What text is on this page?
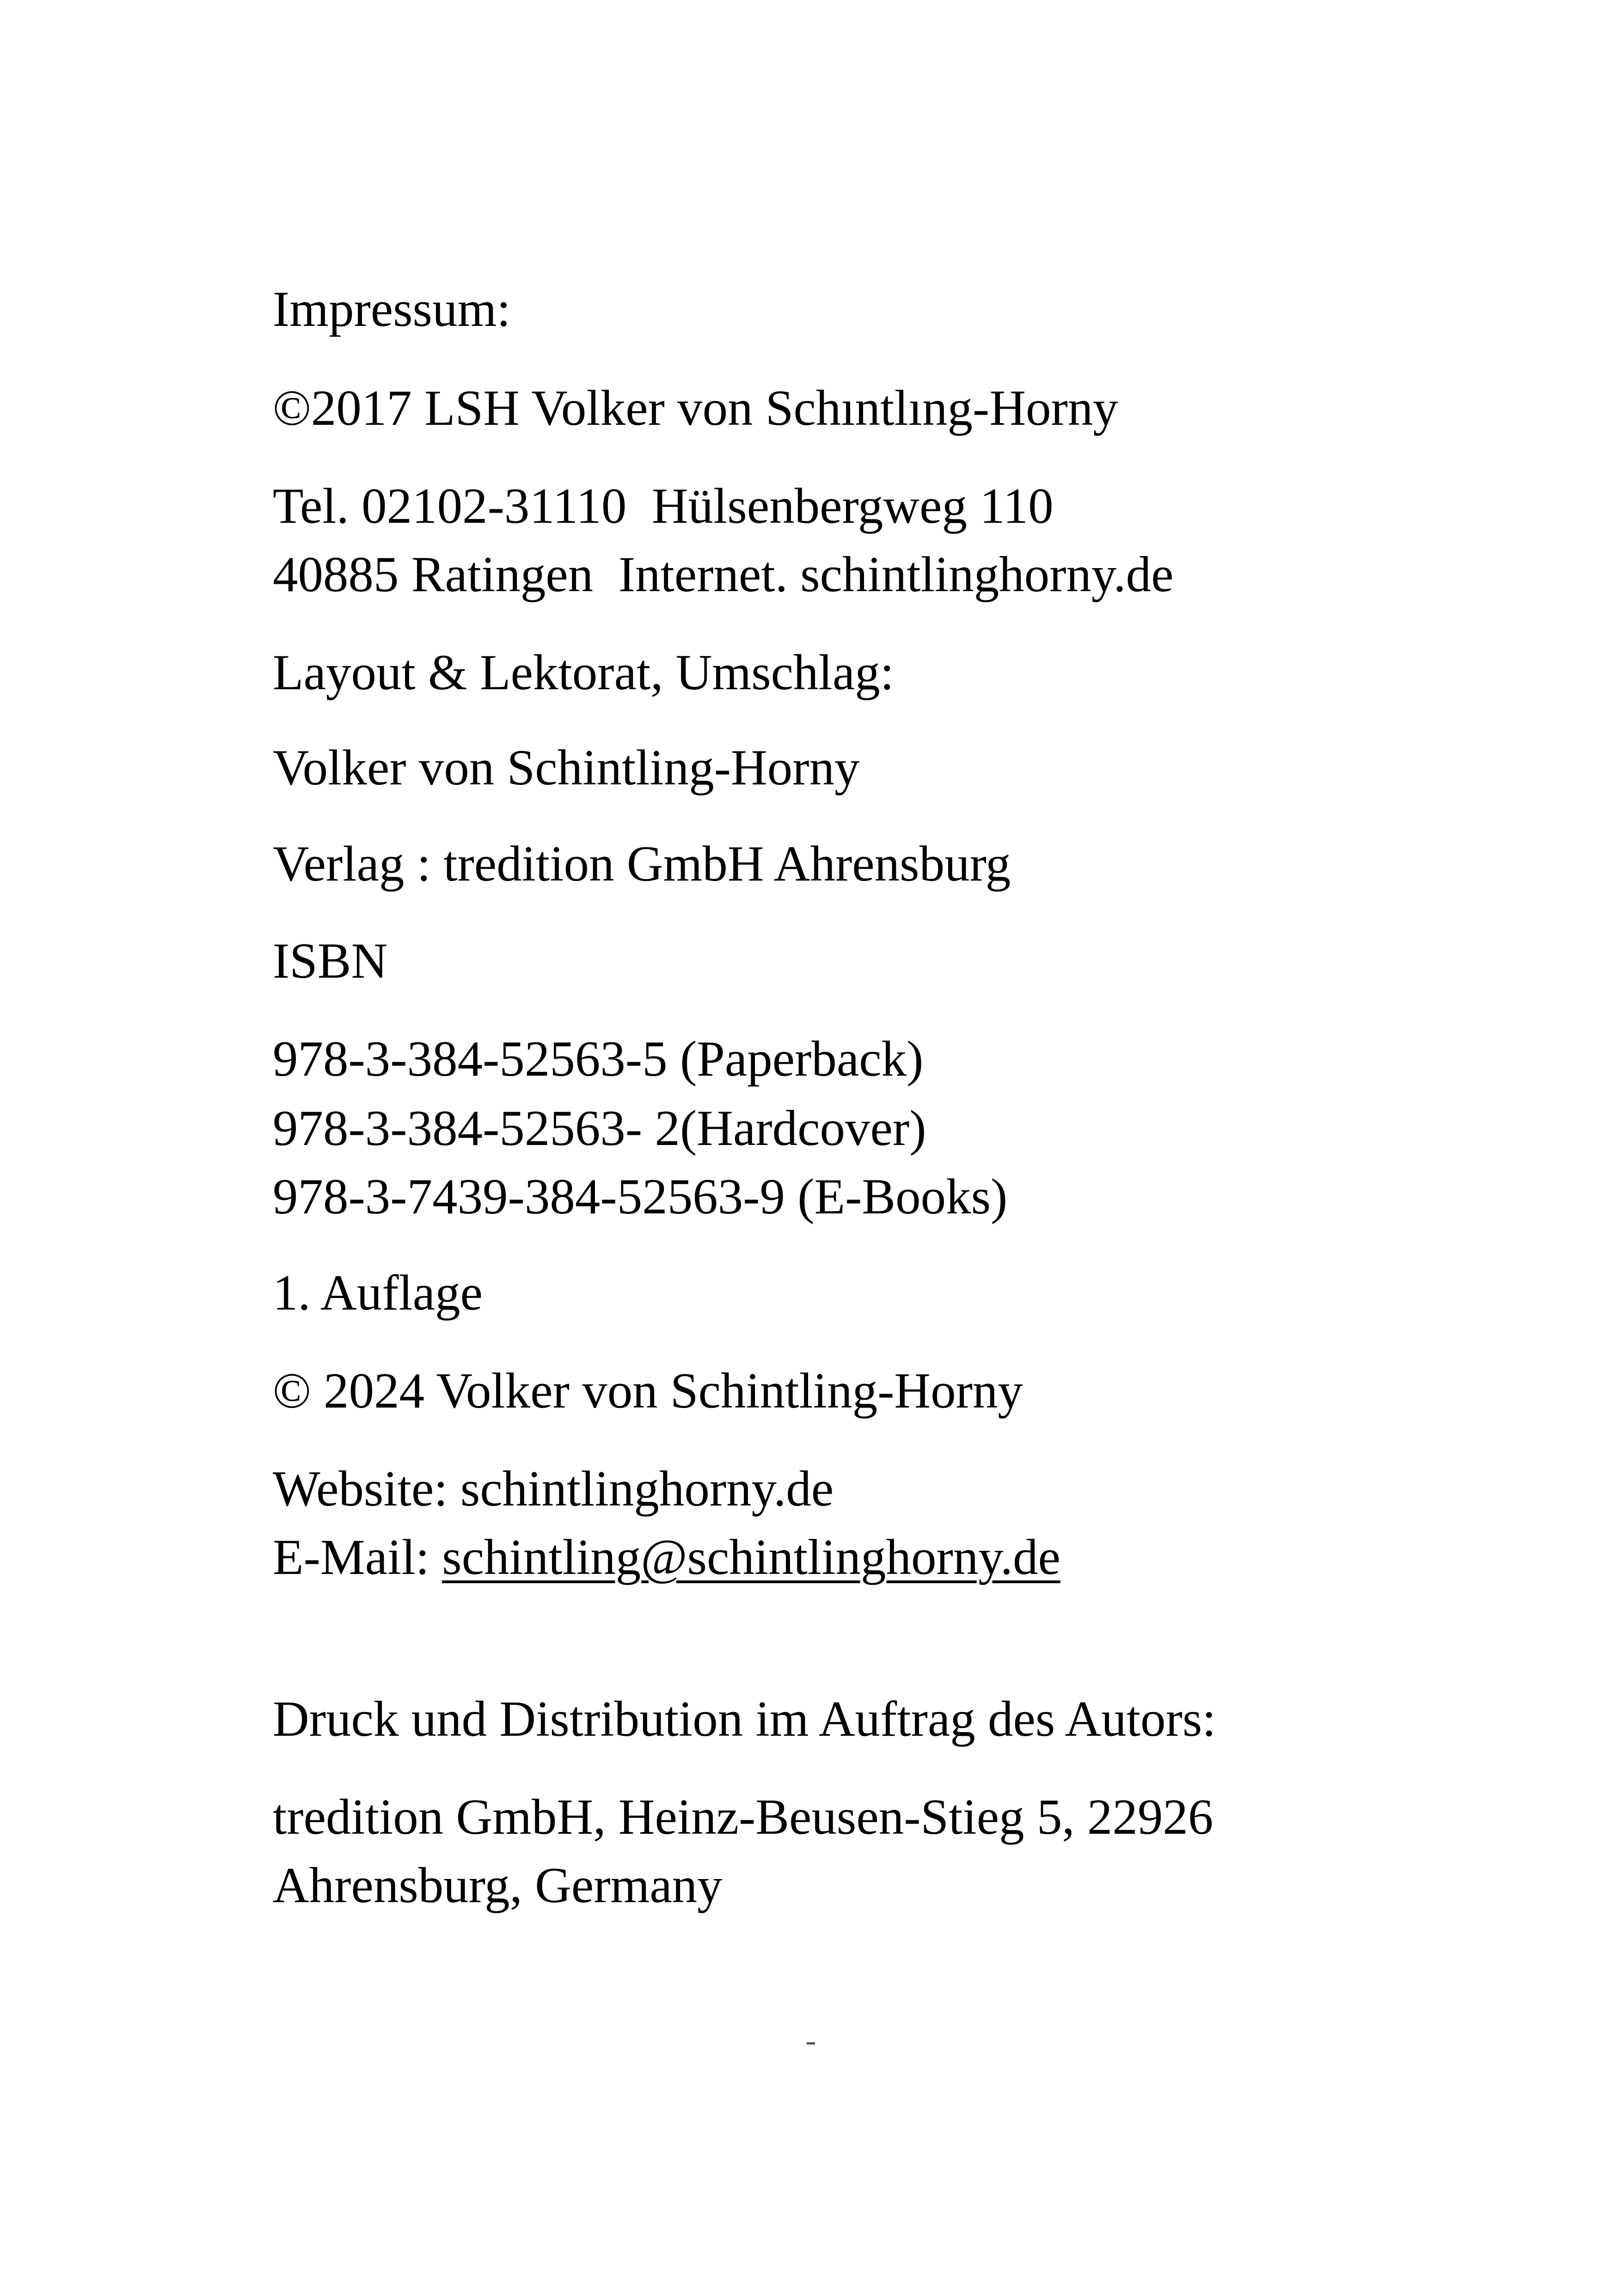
Impressum:
©2017 LSH Volker von Schıntlıng-Horny
Tel. 02102-31110  Hülsenbergweg 110
40885 Ratingen  Internet. schintlinghorny.de
Layout & Lektorat, Umschlag:
Volker von Schintling-Horny
Verlag : tredition GmbH Ahrensburg
ISBN
978-3-384-52563-5 (Paperback)
978-3-384-52563- 2(Hardcover)
978-3-7439-384-52563-9 (E-Books)
1. Auflage
© 2024 Volker von Schintling-Horny
Website: schintlinghorny.de
E-Mail: schintling@schintlinghorny.de
Druck und Distribution im Auftrag des Autors:
tredition GmbH, Heinz-Beusen-Stieg 5, 22926
Ahrensburg, Germany
